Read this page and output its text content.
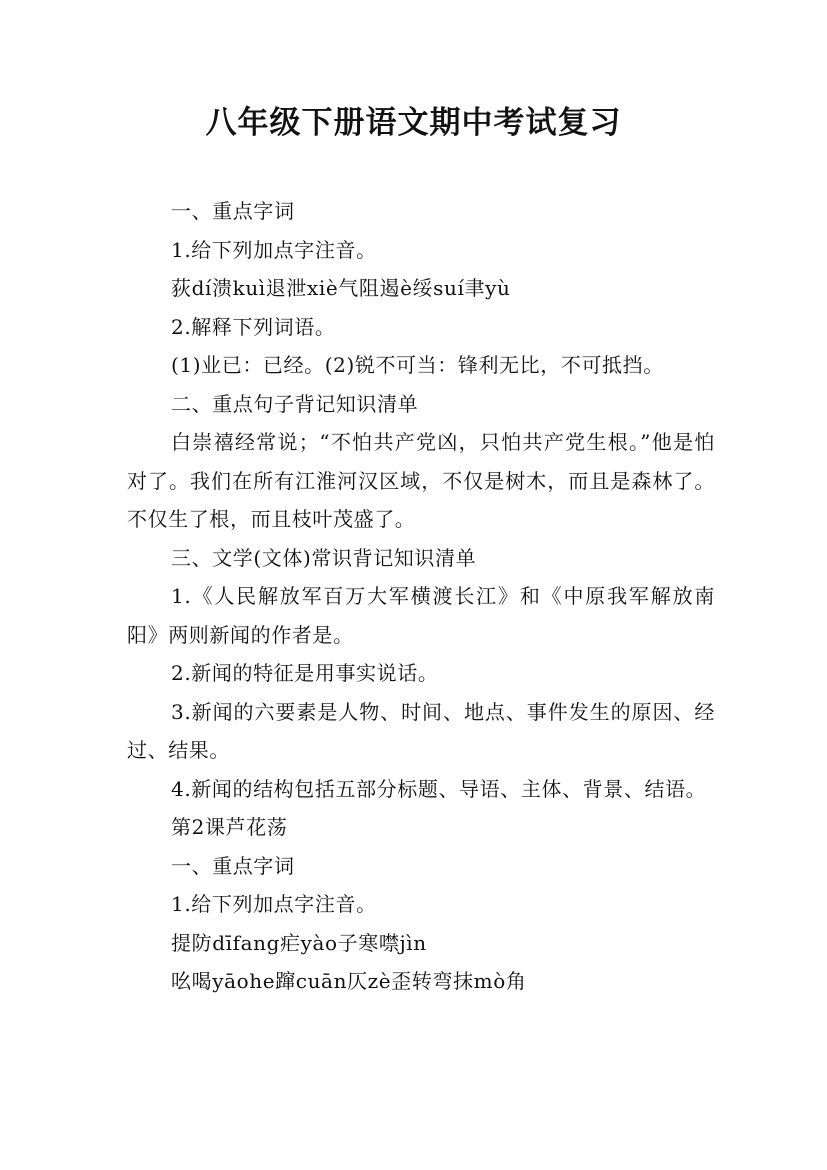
八年级下册语文期中考试复习

一、重点字词

1.给下列加点字注音。

荻dí溃kuì退泄xiè气阻遏è绥suí聿yù

2.解释下列词语。

(1)业已：已经。(2)锐不可当：锋利无比，不可抵挡。

二、重点句子背记知识清单

白崇禧经常说；“不怕共产党凶，只怕共产党生根。”他是怕对了。我们在所有江淮河汉区域，不仅是树木，而且是森林了。不仅生了根，而且枝叶茂盛了。

三、文学(文体)常识背记知识清单

1.《人民解放军百万大军横渡长江》和《中原我军解放南阳》两则新闻的作者是。

2.新闻的特征是用事实说话。

3.新闻的六要素是人物、时间、地点、事件发生的原因、经过、结果。

4.新闻的结构包括五部分标题、导语、主体、背景、结语。

第2课芦花荡

一、重点字词

1.给下列加点字注音。

提防dīfang疟yào子寒噤jìn

吆喝yāohe蹿cuān仄zè歪转弯抹mò角
